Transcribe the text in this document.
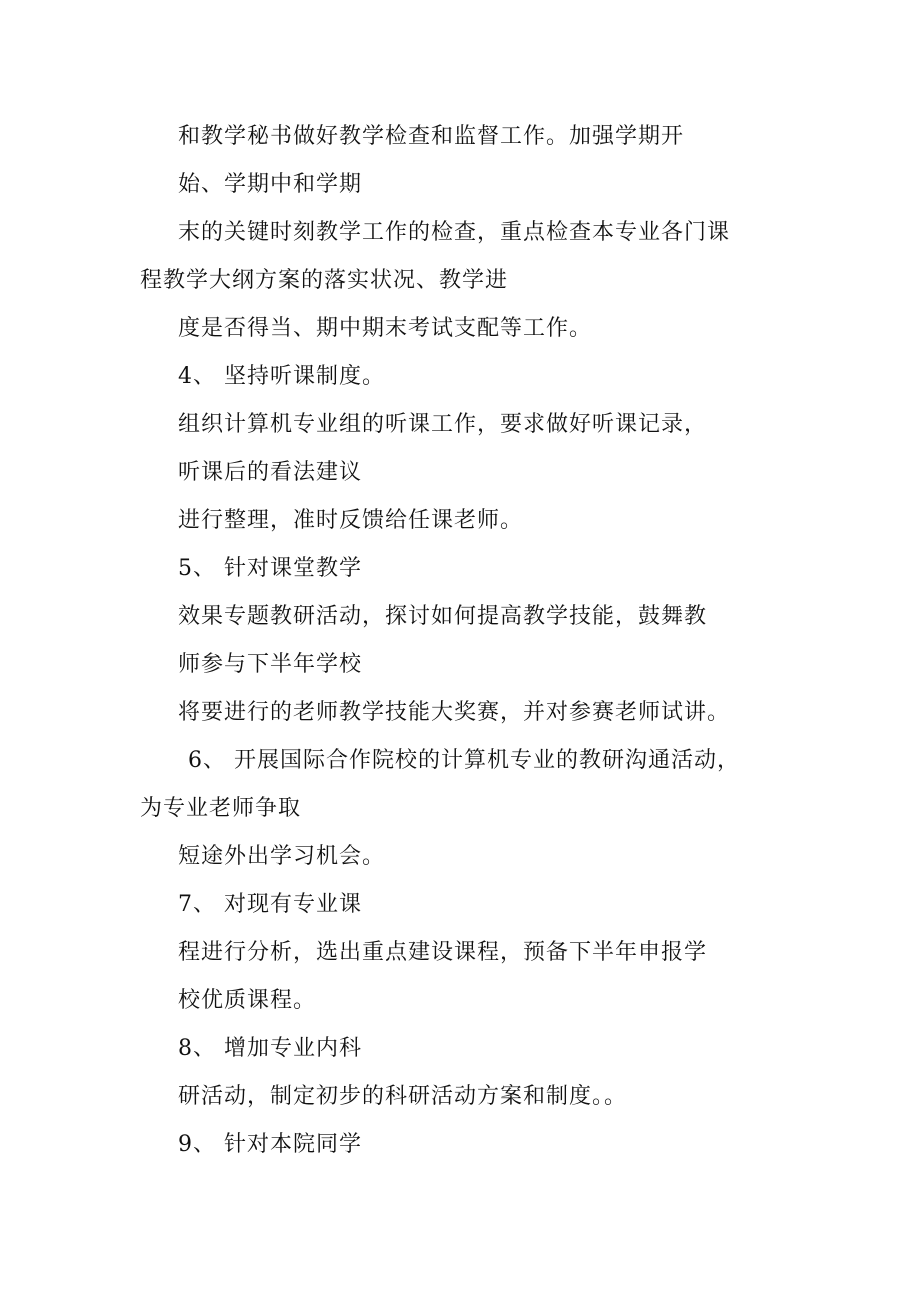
和教学秘书做好教学检查和监督工作。加强学期开
始、学期中和学期
末的关键时刻教学工作的检查，重点检查本专业各门课
程教学大纲方案的落实状况、教学进
度是否得当、期中期末考试支配等工作。
4、 坚持听课制度。
组织计算机专业组的听课工作，要求做好听课记录，
听课后的看法建议
进行整理，准时反馈给任课老师。
5、 针对课堂教学
效果专题教研活动，探讨如何提高教学技能，鼓舞教
师参与下半年学校
将要进行的老师教学技能大奖赛，并对参赛老师试讲。
6、 开展国际合作院校的计算机专业的教研沟通活动，
为专业老师争取
短途外出学习机会。
7、 对现有专业课
程进行分析，选出重点建设课程，预备下半年申报学
校优质课程。
8、 增加专业内科
研活动，制定初步的科研活动方案和制度。。
9、 针对本院同学
